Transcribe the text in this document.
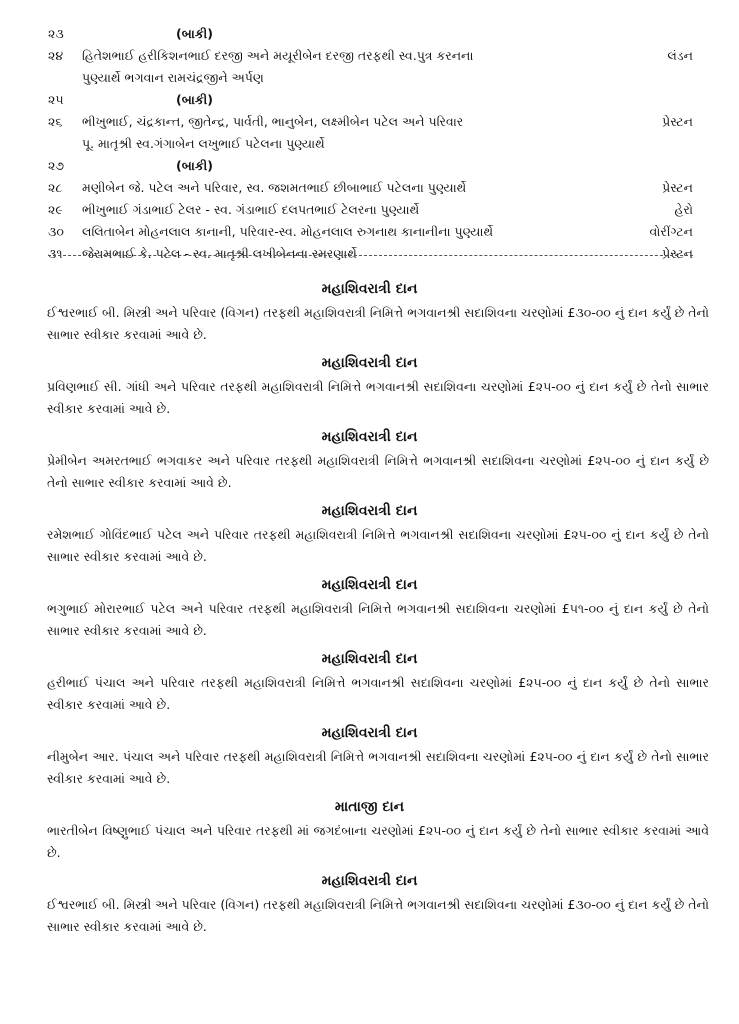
૨૩	(બાકી)
૨૪	હિતેશભાઈ હરીકિશનભાઈ દરજી અને મયૂરીબેન દરજી તરફથી સ્વ.પુત્ર કરનના	લંડન
પુણ્યાર્થે ભગવાન રામચંદ્રજીને અર્પણ
૨૫	(બાકી)
૨૬	ભીખુભાઈ, ચંદ્રકાન્ત, જીતેન્દ્ર, પાર્વતી, ભાનુબેન, લક્ષ્મીબેન પટેલ અને પરિવાર	પ્રેસ્ટન
પૂ. માતૃશ્રી સ્વ.ગંગાબેન લખુભાઈ પટેલના પુણ્યાર્થે
૨૭	(બાકી)
૨૮	મણીબેન જે. પટેલ અને પરિવાર, સ્વ. જશમતભાઈ છીબાભાઈ પટેલના પુણ્યાર્થે	પ્રેસ્ટન
૨૯	ભીખુભાઈ ગંડાભાઈ ટેલર - સ્વ. ગંડાભાઈ દલપતભાઈ ટેલરના પુણ્યાર્થે	હેરો
૩૦	લલિતાબેન મોહનલાલ કાનાની, પરિવાર-સ્વ. મોહનલાલ રુગનાથ કાનાનીના પુણ્યાર્થે	વોરીંગ્ટન
૩૧	જેરામભાઈ કે. પટેલ - સ્વ. માતૃશ્રી લખીબેનના સ્મરણાર્થે	પ્રેસ્ટન
મહાશિવરાત્રી દાન

ઈશ્વરભાઈ બી. મિસ્ત્રી અને પરિવાર (વિગન) તરફથી મહાશિવરાત્રી નિમિત્તે ભગવાનશ્રી સદાશિવના ચરણોમાં £૩૦-૦૦ નું દાન કર્યું છે તેનો સાભાર સ્વીકાર કરવામાં આવે છે.

મહાશિવરાત્રી દાન

પ્રવિણભાઈ સી. ગાંધી અને પરિવાર તરફથી મહાશિવરાત્રી નિમિત્તે ભગવાનશ્રી સદાશિવના ચરણોમાં £૨૫-૦૦ નું દાન કર્યું છે તેનો સાભાર સ્વીકાર કરવામાં આવે છે.

મહાશિવરાત્રી દાન

પ્રેમીબેન અમરતભાઈ ભગવાકર અને પરિવાર તરફથી મહાશિવરાત્રી નિમિત્તે ભગવાનશ્રી સદાશિવના ચરણોમાં £૨૫-૦૦ નું દાન કર્યું છે તેનો સાભાર સ્વીકાર કરવામાં આવે છે.

મહાશિવરાત્રી દાન

રમેશભાઈ ગોવિંદભાઈ પટેલ અને પરિવાર તરફથી મહાશિવરાત્રી નિમિત્તે ભગવાનશ્રી સદાશિવના ચરણોમાં £૨૫-૦૦ નું દાન કર્યું છે તેનો સાભાર સ્વીકાર કરવામાં આવે છે.

મહાશિવરાત્રી દાન

ભગુભાઈ મોરારભાઈ પટેલ અને પરિવાર તરફથી મહાશિવરાત્રી નિમિત્તે ભગવાનશ્રી સદાશિવના ચરણોમાં £૫૧-૦૦ નું દાન કર્યું છે તેનો સાભાર સ્વીકાર કરવામાં આવે છે.

મહાશિવરાત્રી દાન

હરીભાઈ પંચાલ અને પરિવાર તરફથી મહાશિવરાત્રી નિમિત્તે ભગવાનશ્રી સદાશિવના ચરણોમાં £૨૫-૦૦ નું દાન કર્યું છે તેનો સાભાર સ્વીકાર કરવામાં આવે છે.

મહાશિવરાત્રી દાન

નીમુબેન આર. પંચાલ અને પરિવાર તરફથી મહાશિવરાત્રી નિમિત્તે ભગવાનશ્રી સદાશિવના ચરણોમાં £૨૫-૦૦ નું દાન કર્યું છે તેનો સાભાર સ્વીકાર કરવામાં આવે છે.

માતાજી દાન

ભારતીબેન વિષ્ણુભાઈ પંચાલ અને પરિવાર તરફથી માં જગદંબાના ચરણોમાં £૨૫-૦૦ નું દાન કર્યું છે તેનો સાભાર સ્વીકાર કરવામાં આવે છે.

મહાશિવરાત્રી દાન

ઈશ્વરભાઈ બી. મિસ્ત્રી અને પરિવાર (વિગન) તરફથી મહાશિવરાત્રી નિમિત્તે ભગવાનશ્રી સદાશિવના ચરણોમાં £૩૦-૦૦ નું દાન કર્યું છે તેનો સાભાર સ્વીકાર કરવામાં આવે છે.
